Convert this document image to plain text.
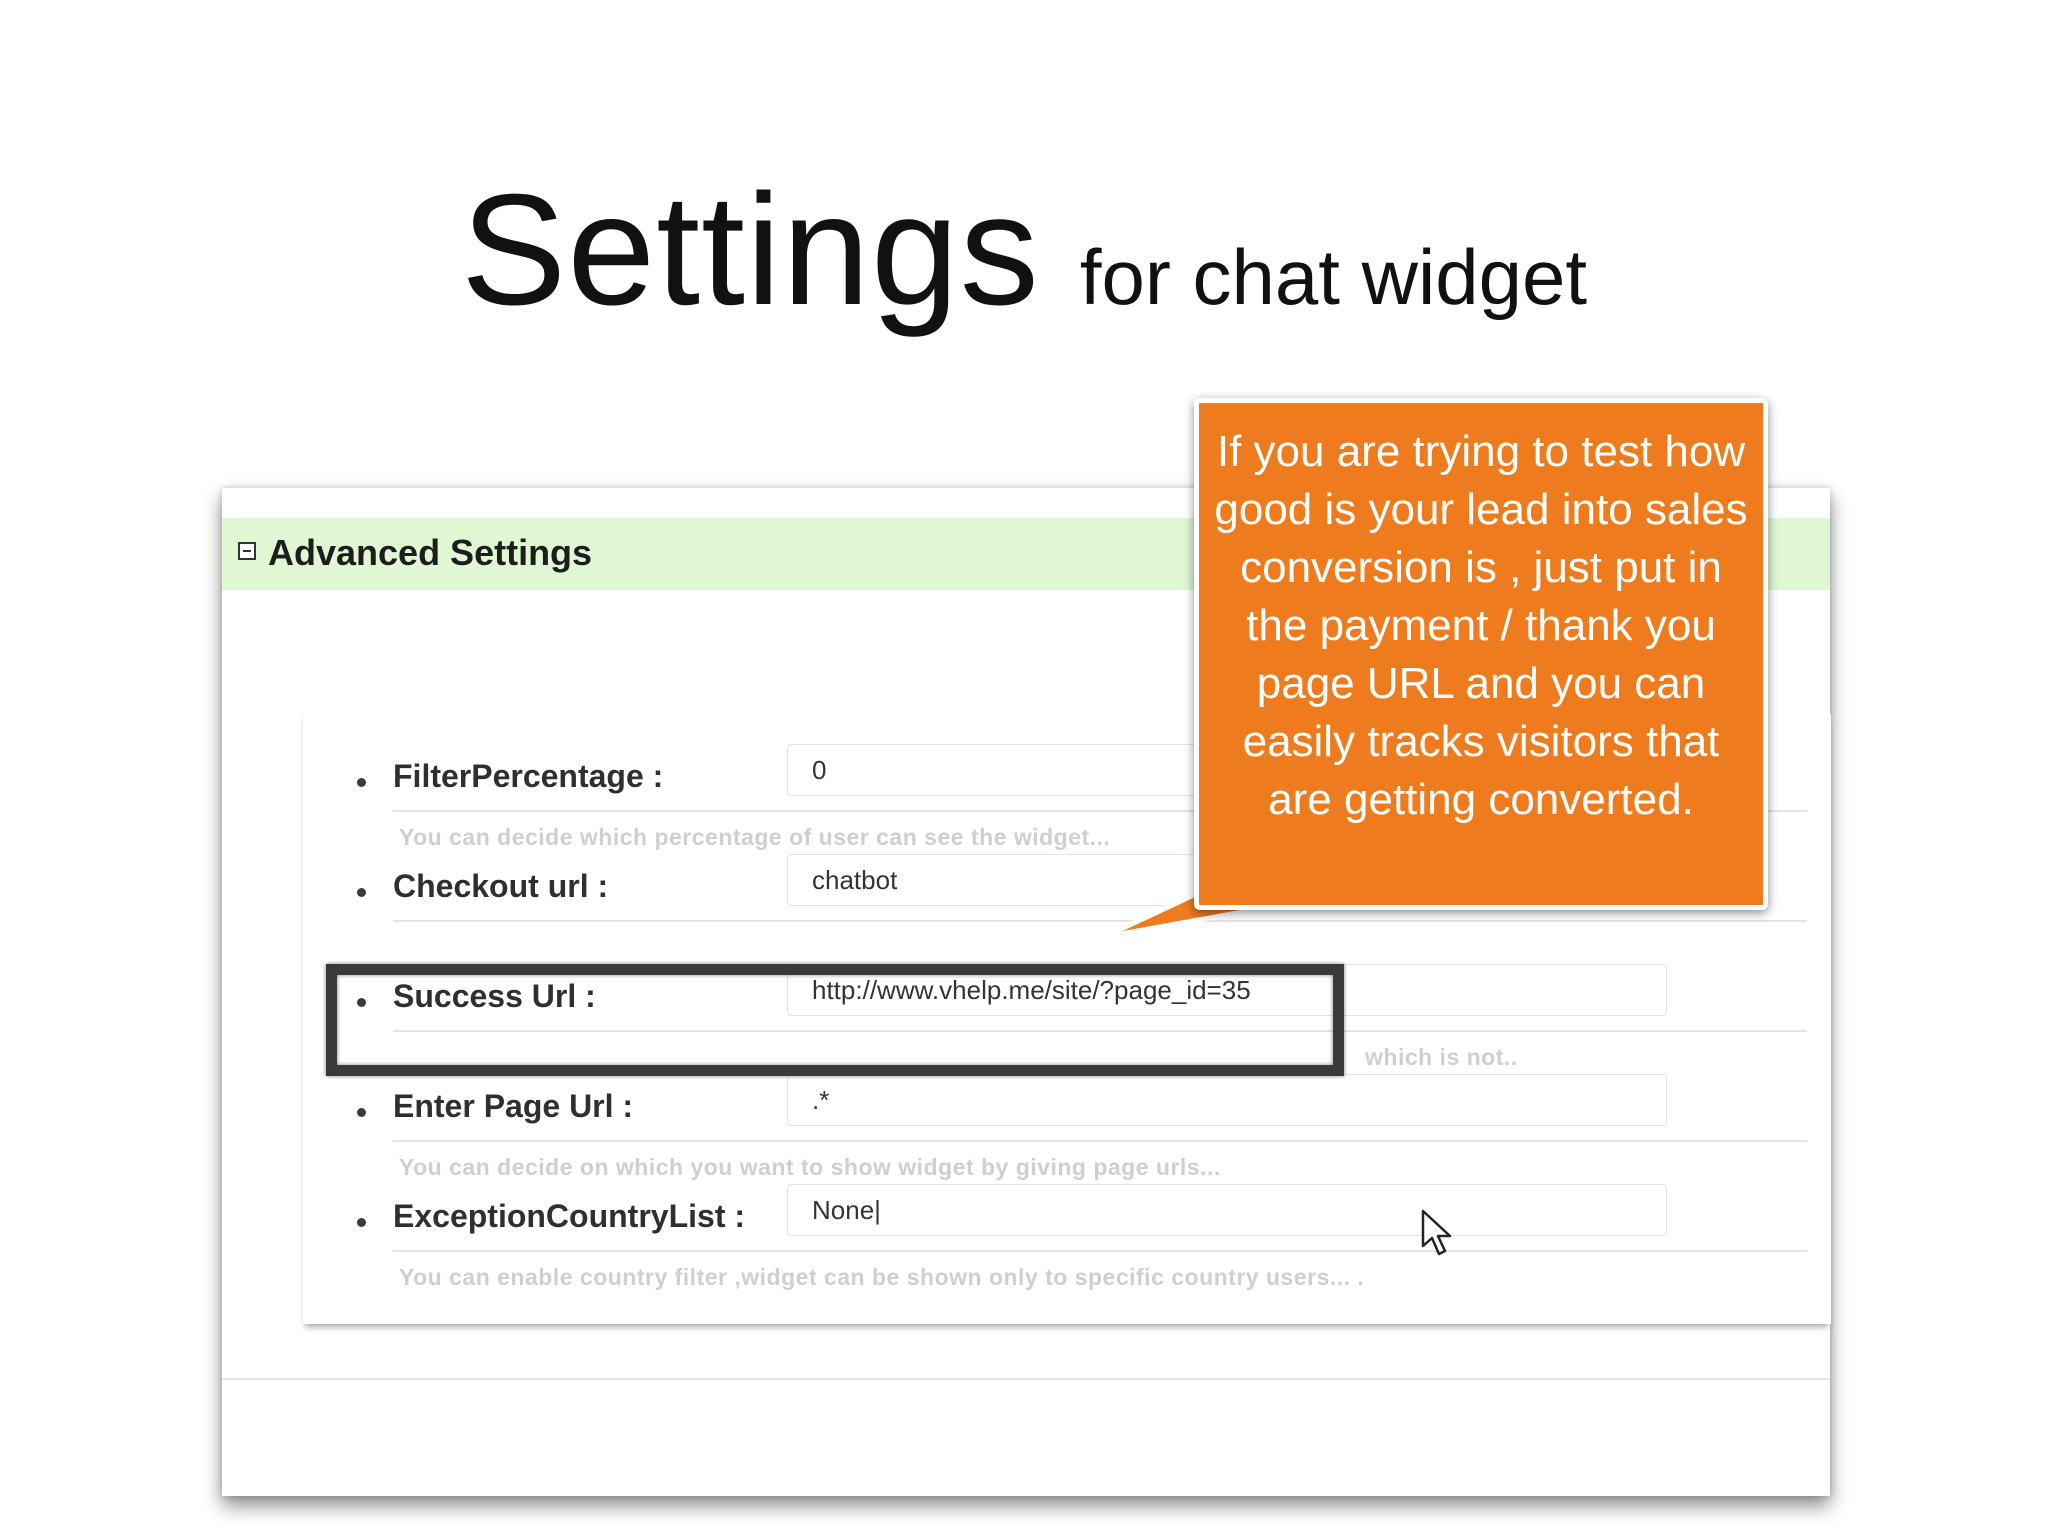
Settings for chat widget
Advanced Settings
FilterPercentage :	0
You can decide which percentage of user can see the widget...
Checkout url :	chatbot
Success Url :	http://www.vhelp.me/site/?page_id=35
which is not..
Enter Page Url :	.*
You can decide on which you want to show widget by giving page urls...
ExceptionCountryList :	None|
You can enable country filter ,widget can be shown only to specific country users... .
If you are trying to test how good is your lead into sales conversion is , just put in the payment / thank you page URL and you can easily tracks visitors that are getting converted.
